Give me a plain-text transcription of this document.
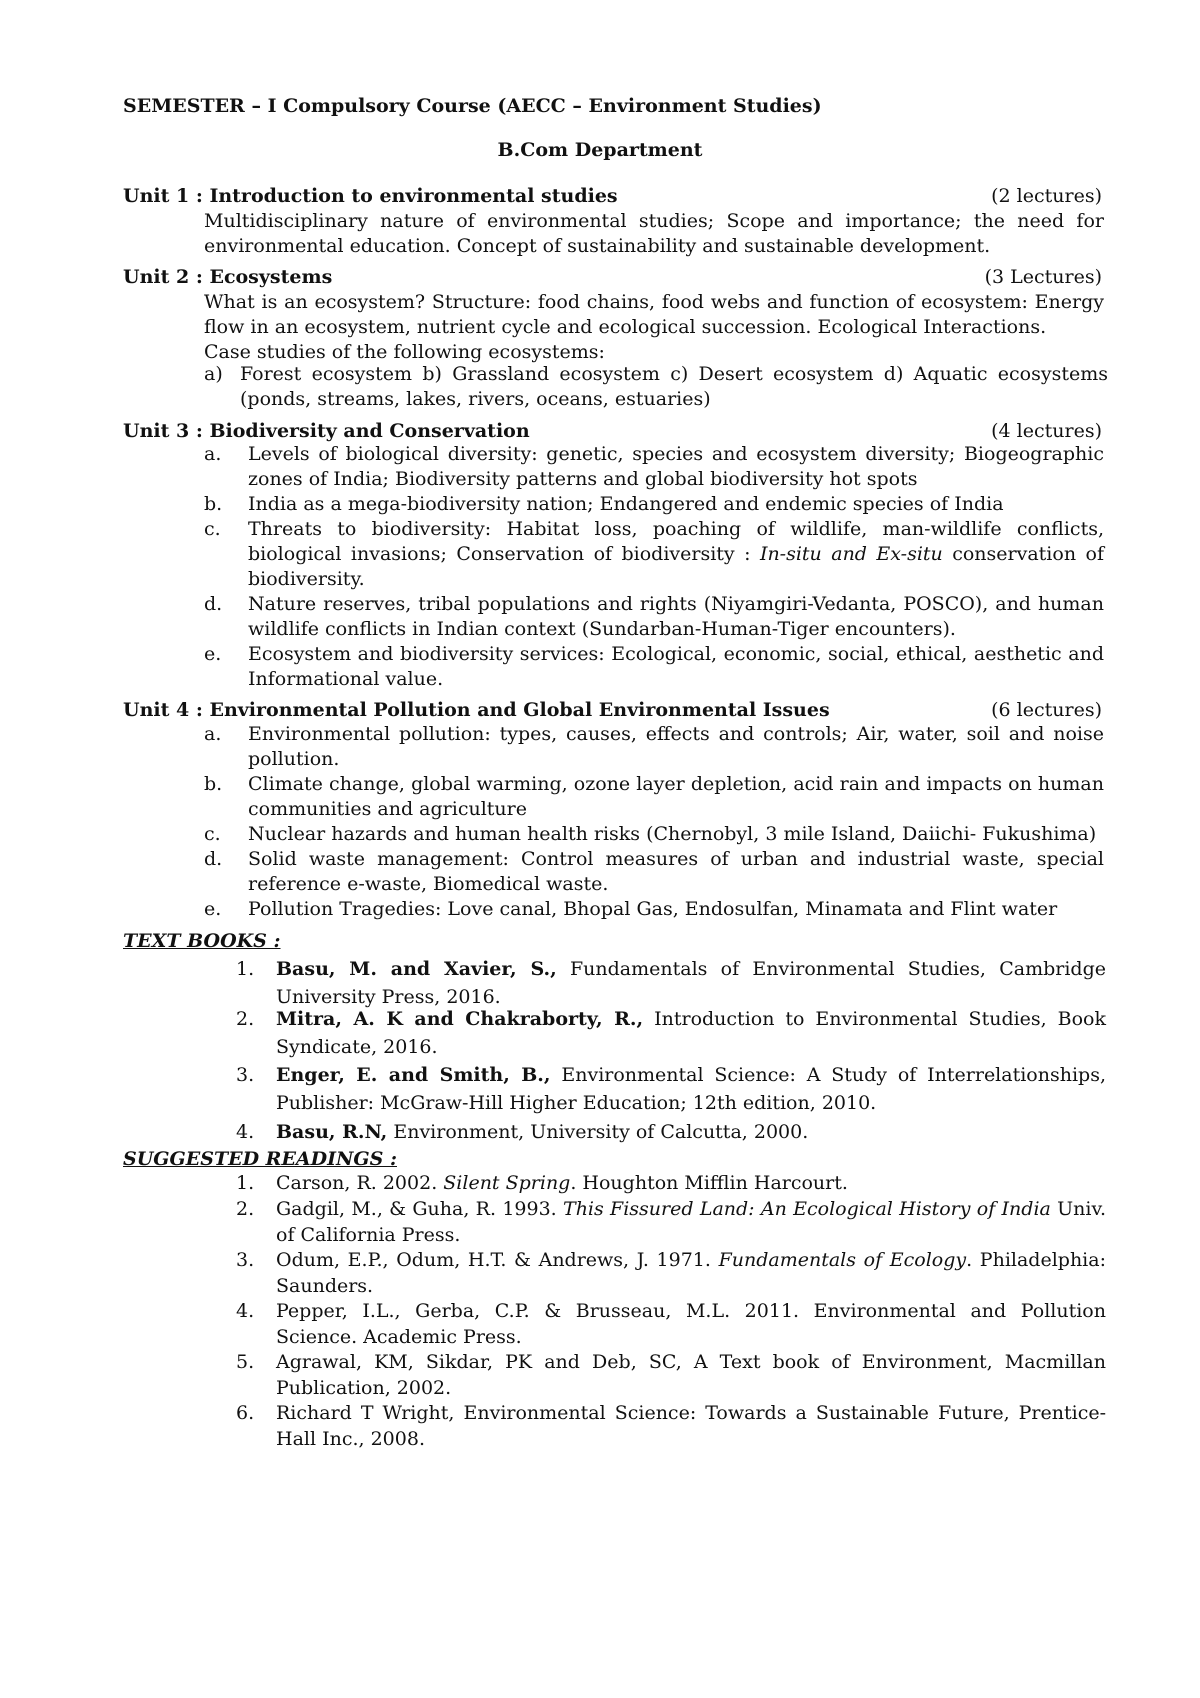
SEMESTER – I Compulsory Course (AECC – Environment Studies)
B.Com Department
Unit 1 : Introduction to environmental studies	(2 lectures)
Multidisciplinary nature of environmental studies; Scope and importance; the need for
environmental education. Concept of sustainability and sustainable development.
Unit 2 : Ecosystems	(3 Lectures)
What is an ecosystem? Structure: food chains, food webs and function of ecosystem: Energy
flow in an ecosystem, nutrient cycle and ecological succession. Ecological Interactions.
Case studies of the following ecosystems:
a) Forest ecosystem b) Grassland ecosystem c) Desert ecosystem d) Aquatic ecosystems (ponds, streams, lakes, rivers, oceans, estuaries)
Unit 3 : Biodiversity and Conservation	(4 lectures)
a.	Levels of biological diversity: genetic, species and ecosystem diversity; Biogeographic zones of India; Biodiversity patterns and global biodiversity hot spots
b.	India as a mega-biodiversity nation; Endangered and endemic species of India
c.	Threats to biodiversity: Habitat loss, poaching of wildlife, man-wildlife conflicts, biological invasions; Conservation of biodiversity : In-situ and Ex-situ conservation of biodiversity.
d.	Nature reserves, tribal populations and rights (Niyamgiri-Vedanta, POSCO), and human wildlife conflicts in Indian context (Sundarban-Human-Tiger encounters).
e.	Ecosystem and biodiversity services: Ecological, economic, social, ethical, aesthetic and Informational value.
Unit 4 : Environmental Pollution and Global Environmental Issues	(6 lectures)
a.	Environmental pollution: types, causes, effects and controls; Air, water, soil and noise pollution.
b.	Climate change, global warming, ozone layer depletion, acid rain and impacts on human communities and agriculture
c.	Nuclear hazards and human health risks (Chernobyl, 3 mile Island, Daiichi- Fukushima)
d.	Solid waste management: Control measures of urban and industrial waste, special reference e-waste, Biomedical waste.
e.	Pollution Tragedies: Love canal, Bhopal Gas, Endosulfan, Minamata and Flint water
TEXT BOOKS :
1.	Basu, M. and Xavier, S., Fundamentals of Environmental Studies, Cambridge University Press, 2016.
2.	Mitra, A. K and Chakraborty, R., Introduction to Environmental Studies, Book Syndicate, 2016.
3.	Enger, E. and Smith, B., Environmental Science: A Study of Interrelationships, Publisher: McGraw-Hill Higher Education; 12th edition, 2010.
4.	Basu, R.N, Environment, University of Calcutta, 2000.
SUGGESTED READINGS :
1.	Carson, R. 2002. Silent Spring. Houghton Mifflin Harcourt.
2.	Gadgil, M., & Guha, R. 1993. This Fissured Land: An Ecological History of India Univ. of California Press.
3.	Odum, E.P., Odum, H.T. & Andrews, J. 1971. Fundamentals of Ecology. Philadelphia: Saunders.
4.	Pepper, I.L., Gerba, C.P. & Brusseau, M.L. 2011. Environmental and Pollution Science. Academic Press.
5.	Agrawal, KM, Sikdar, PK and Deb, SC, A Text book of Environment, Macmillan Publication, 2002.
6.	Richard T Wright, Environmental Science: Towards a Sustainable Future, Prentice-Hall Inc., 2008.
